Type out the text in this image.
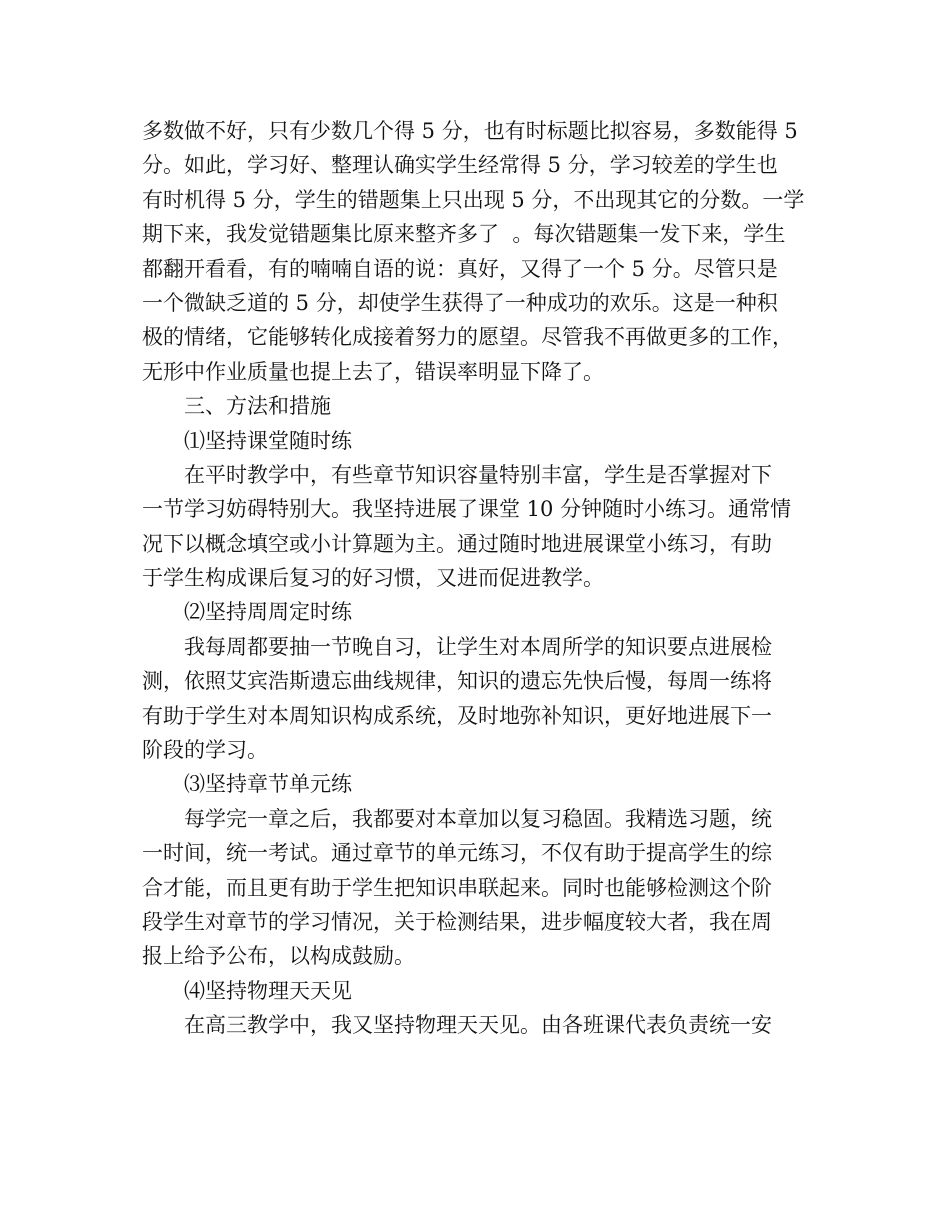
多数做不好，只有少数几个得 5 分，也有时标题比拟容易，多数能得 5
分。如此，学习好、整理认确实学生经常得 5 分，学习较差的学生也
有时机得 5 分，学生的错题集上只出现 5 分，不出现其它的分数。一学
期下来，我发觉错题集比原来整齐多了  。每次错题集一发下来，学生
都翻开看看，有的喃喃自语的说：真好，又得了一个 5 分。尽管只是
一个微缺乏道的 5 分，却使学生获得了一种成功的欢乐。这是一种积
极的情绪，它能够转化成接着努力的愿望。尽管我不再做更多的工作，
无形中作业质量也提上去了，错误率明显下降了。
三、方法和措施
⑴坚持课堂随时练
在平时教学中，有些章节知识容量特别丰富，学生是否掌握对下
一节学习妨碍特别大。我坚持进展了课堂 10 分钟随时小练习。通常情
况下以概念填空或小计算题为主。通过随时地进展课堂小练习，有助
于学生构成课后复习的好习惯，又进而促进教学。
⑵坚持周周定时练
我每周都要抽一节晚自习，让学生对本周所学的知识要点进展检
测，依照艾宾浩斯遗忘曲线规律，知识的遗忘先快后慢，每周一练将
有助于学生对本周知识构成系统，及时地弥补知识，更好地进展下一
阶段的学习。
⑶坚持章节单元练
每学完一章之后，我都要对本章加以复习稳固。我精选习题，统
一时间，统一考试。通过章节的单元练习，不仅有助于提高学生的综
合才能，而且更有助于学生把知识串联起来。同时也能够检测这个阶
段学生对章节的学习情况，关于检测结果，进步幅度较大者，我在周
报上给予公布，以构成鼓励。
⑷坚持物理天天见
在高三教学中，我又坚持物理天天见。由各班课代表负责统一安
